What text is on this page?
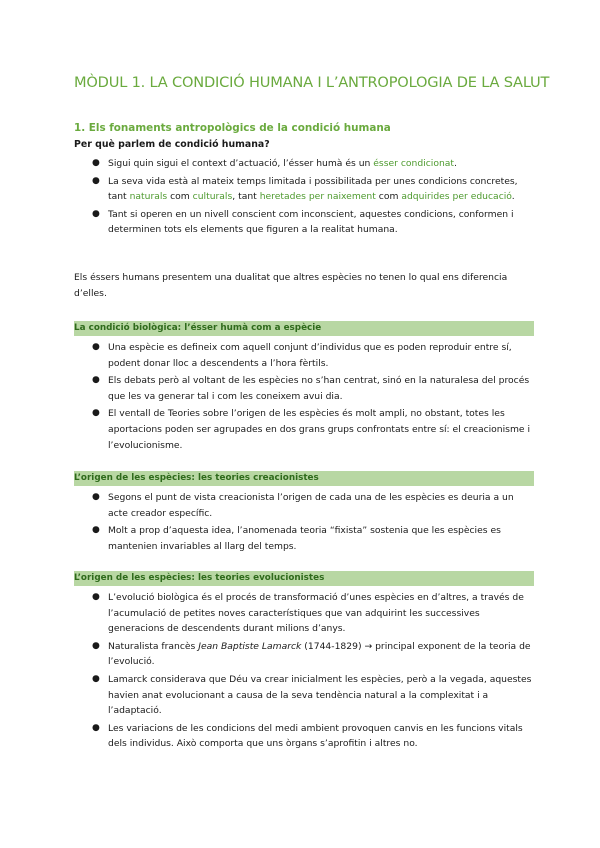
MÒDUL 1. LA CONDICIÓ HUMANA I L’ANTROPOLOGIA DE LA SALUT
1. Els fonaments antropològics de la condició humana
Per què parlem de condició humana?
● Sigui quin sigui el context d’actuació, l’ésser humà és un ésser condicionat.
● La seva vida està al mateix temps limitada i possibilitada per unes condicions concretes, tant naturals com culturals, tant heretades per naixement com adquirides per educació.
● Tant si operen en un nivell conscient com inconscient, aquestes condicions, conformen i determinen tots els elements que figuren a la realitat humana.
Els éssers humans presentem una dualitat que altres espècies no tenen lo qual ens diferencia d’elles.
La condició biològica: l’ésser humà com a espècie
● Una espècie es defineix com aquell conjunt d’individus que es poden reproduir entre sí, podent donar lloc a descendents a l’hora fèrtils.
● Els debats però al voltant de les espècies no s’han centrat, sinó en la naturalesa del procés que les va generar tal i com les coneixem avui dia.
● El ventall de Teories sobre l’origen de les espècies és molt ampli, no obstant, totes les aportacions poden ser agrupades en dos grans grups confrontats entre sí: el creacionisme i l’evolucionisme.
L’origen de les espècies: les teories creacionistes
● Segons el punt de vista creacionista l’origen de cada una de les espècies es deuria a un acte creador específic.
● Molt a prop d’aquesta idea, l’anomenada teoria “fixista” sostenia que les espècies es mantenien invariables al llarg del temps.
L’origen de les espècies: les teories evolucionistes
● L’evolució biològica és el procés de transformació d’unes espècies en d’altres, a través de l’acumulació de petites noves característiques que van adquirint les successives generacions de descendents durant milions d’anys.
● Naturalista francès Jean Baptiste Lamarck (1744-1829) → principal exponent de la teoria de l’evolució.
● Lamarck considerava que Déu va crear inicialment les espècies, però a la vegada, aquestes havien anat evolucionant a causa de la seva tendència natural a la complexitat i a l’adaptació.
● Les variacions de les condicions del medi ambient provoquen canvis en les funcions vitals dels individus. Això comporta que uns òrgans s’aprofitin i altres no.
